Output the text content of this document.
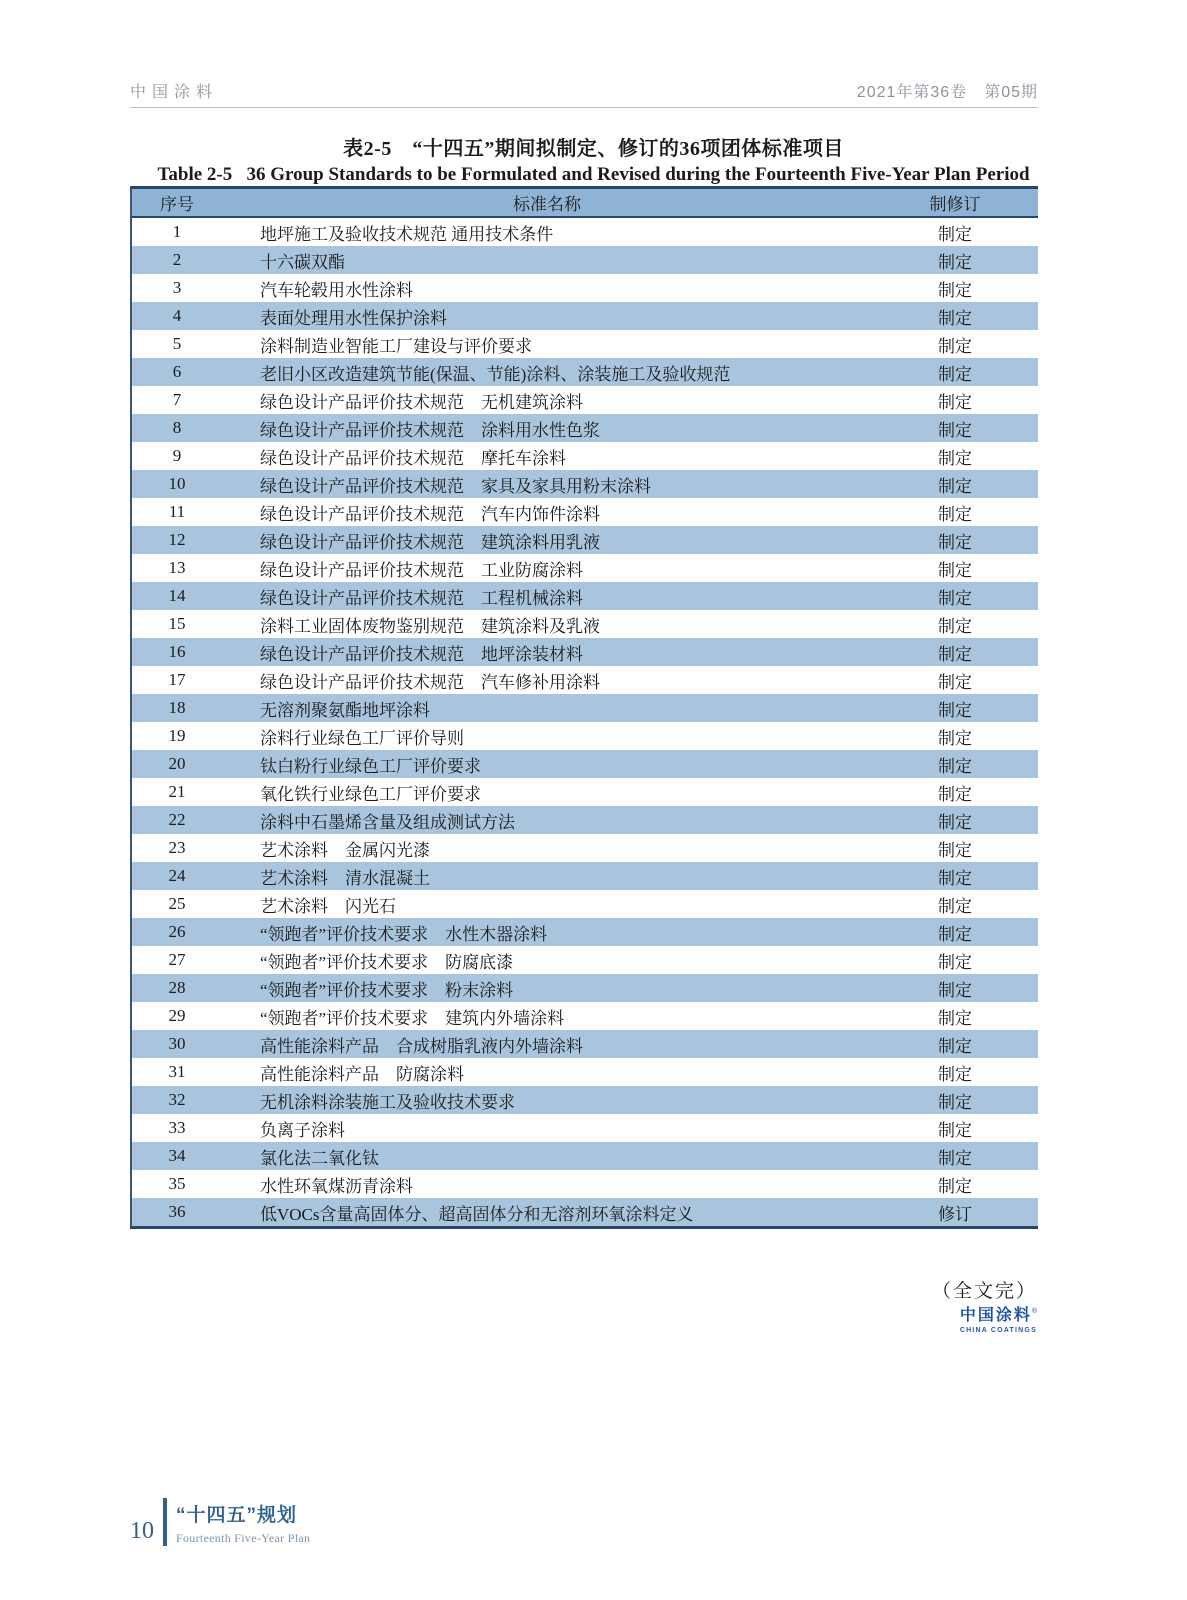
中国涂料	2021年第36卷　第05期
表2-5　“十四五”期间拟制定、修订的36项团体标准项目
Table 2-5   36 Group Standards to be Formulated and Revised during the Fourteenth Five-Year Plan Period
序号	标准名称	制修订
1	地坪施工及验收技术规范 通用技术条件	制定
2	十六碳双酯	制定
3	汽车轮毂用水性涂料	制定
4	表面处理用水性保护涂料	制定
5	涂料制造业智能工厂建设与评价要求	制定
6	老旧小区改造建筑节能(保温、节能)涂料、涂装施工及验收规范	制定
7	绿色设计产品评价技术规范　无机建筑涂料	制定
8	绿色设计产品评价技术规范　涂料用水性色浆	制定
9	绿色设计产品评价技术规范　摩托车涂料	制定
10	绿色设计产品评价技术规范　家具及家具用粉末涂料	制定
11	绿色设计产品评价技术规范　汽车内饰件涂料	制定
12	绿色设计产品评价技术规范　建筑涂料用乳液	制定
13	绿色设计产品评价技术规范　工业防腐涂料	制定
14	绿色设计产品评价技术规范　工程机械涂料	制定
15	涂料工业固体废物鉴别规范　建筑涂料及乳液	制定
16	绿色设计产品评价技术规范　地坪涂装材料	制定
17	绿色设计产品评价技术规范　汽车修补用涂料	制定
18	无溶剂聚氨酯地坪涂料	制定
19	涂料行业绿色工厂评价导则	制定
20	钛白粉行业绿色工厂评价要求	制定
21	氧化铁行业绿色工厂评价要求	制定
22	涂料中石墨烯含量及组成测试方法	制定
23	艺术涂料　金属闪光漆	制定
24	艺术涂料　清水混凝土	制定
25	艺术涂料　闪光石	制定
26	“领跑者”评价技术要求　水性木器涂料	制定
27	“领跑者”评价技术要求　防腐底漆	制定
28	“领跑者”评价技术要求　粉末涂料	制定
29	“领跑者”评价技术要求　建筑内外墙涂料	制定
30	高性能涂料产品　合成树脂乳液内外墙涂料	制定
31	高性能涂料产品　防腐涂料	制定
32	无机涂料涂装施工及验收技术要求	制定
33	负离子涂料	制定
34	氯化法二氧化钛	制定
35	水性环氧煤沥青涂料	制定
36	低VOCs含量高固体分、超高固体分和无溶剂环氧涂料定义	修订
（全文完）
中国涂料®
CHINA COATINGS
10
“十四五”规划
Fourteenth Five-Year Plan
